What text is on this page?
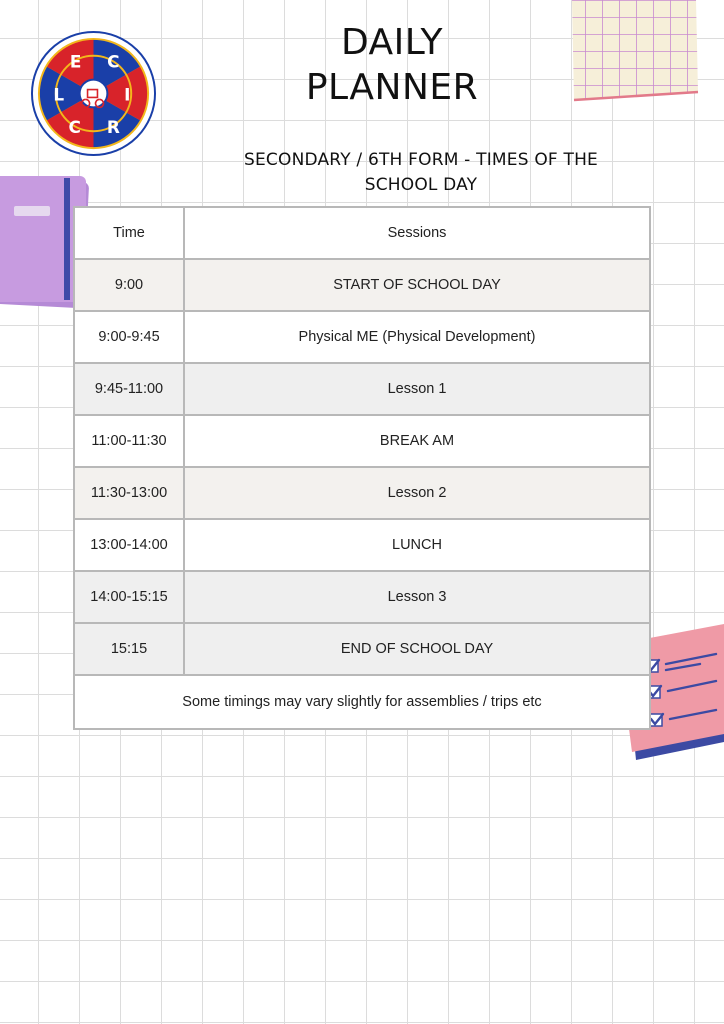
E C
I
R
C
L
DAILY
PLANNER

SECONDARY / 6TH FORM - TIMES OF THE SCHOOL DAY

Time	Sessions
9:00	START OF SCHOOL DAY
9:00-9:45	Physical ME (Physical Development)
9:45-11:00	Lesson 1
11:00-11:30	BREAK AM
11:30-13:00	Lesson 2
13:00-14:00	LUNCH
14:00-15:15	Lesson 3
15:15	END OF SCHOOL DAY
Some timings may vary slightly for assemblies / trips etc
